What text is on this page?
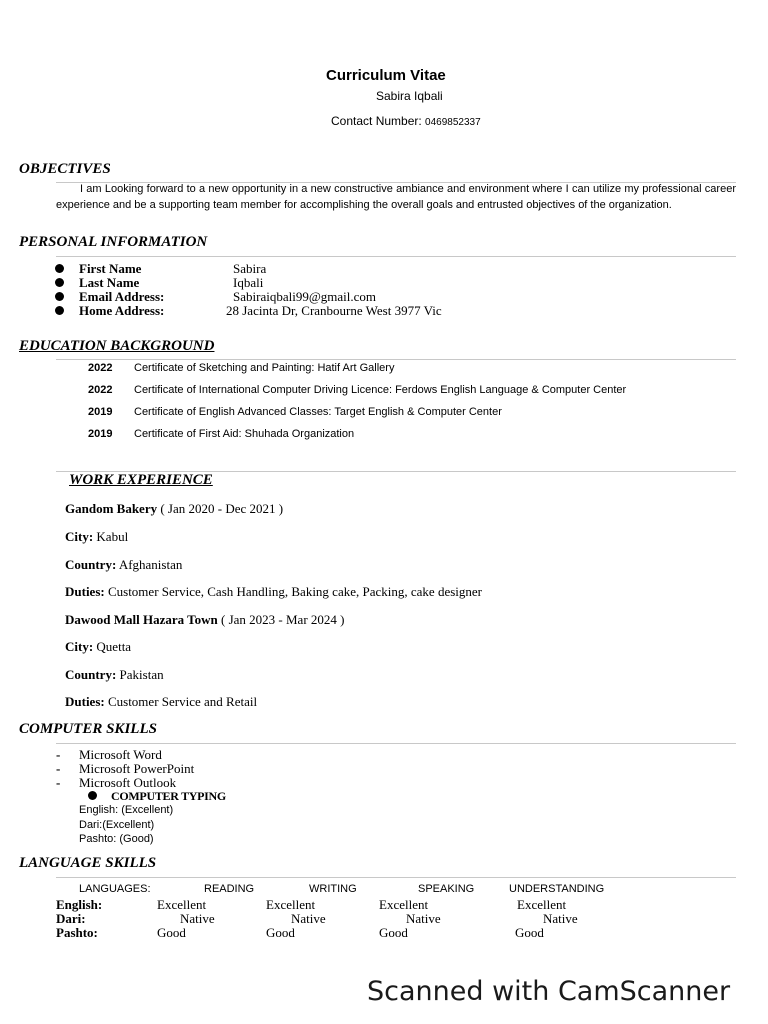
Curriculum Vitae
Sabira Iqbali
Contact Number: 0469852337
OBJECTIVES
I am Looking forward to a new opportunity in a new constructive ambiance and environment where I can utilize my professional career experience and be a supporting team member for accomplishing the overall goals and entrusted objectives of the organization.
PERSONAL INFORMATION
First Name	Sabira
Last Name	Iqbali
Email Address:	Sabiraiqbali99@gmail.com
Home Address:	28 Jacinta Dr, Cranbourne West 3977 Vic
EDUCATION BACKGROUND
2022 Certificate of Sketching and Painting: Hatif Art Gallery
2022 Certificate of International Computer Driving Licence: Ferdows English Language & Computer Center
2019 Certificate of English Advanced Classes: Target English & Computer Center
2019 Certificate of First Aid: Shuhada Organization
WORK EXPERIENCE
Gandom Bakery ( Jan 2020 - Dec 2021 )
City: Kabul
Country: Afghanistan
Duties: Customer Service, Cash Handling, Baking cake, Packing, cake designer
Dawood Mall Hazara Town ( Jan 2023 - Mar 2024 )
City: Quetta
Country: Pakistan
Duties: Customer Service and Retail
COMPUTER SKILLS
- Microsoft Word
- Microsoft PowerPoint
- Microsoft Outlook
COMPUTER TYPING
English: (Excellent)
Dari:(Excellent)
Pashto: (Good)
LANGUAGE SKILLS
LANGUAGES:	READING	WRITING	SPEAKING	UNDERSTANDING
English:	Excellent	Excellent	Excellent	Excellent
Dari:	Native	Native	Native	Native
Pashto:	Good	Good	Good	Good
Scanned with CamScanner
